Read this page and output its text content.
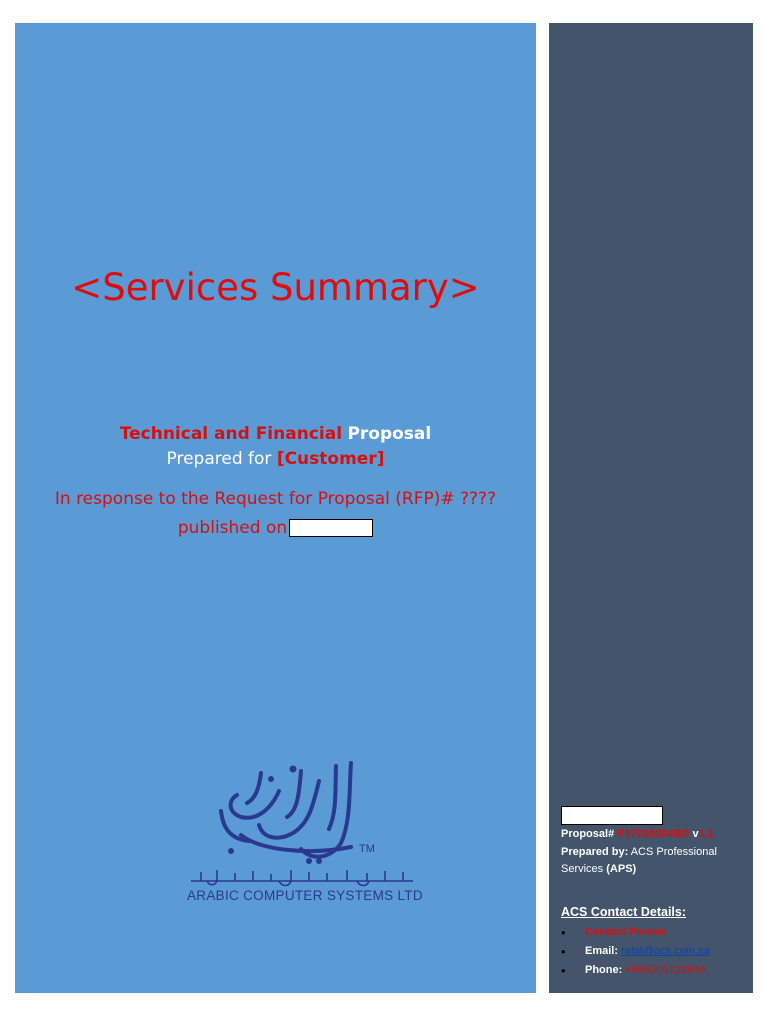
<Services Summary>
Technical and Financial Proposal
Prepared for [Customer]
In response to the Request for Proposal (RFP)# ????
published on
TM
ARABIC COMPUTER SYSTEMS LTD
Proposal# P17010204BD v1.1
Prepared by: ACS Professional Services (APS)
ACS Contact Details:
• Contact Person
• Email: rafat@acs.com.sa
• Phone: +966505136840
